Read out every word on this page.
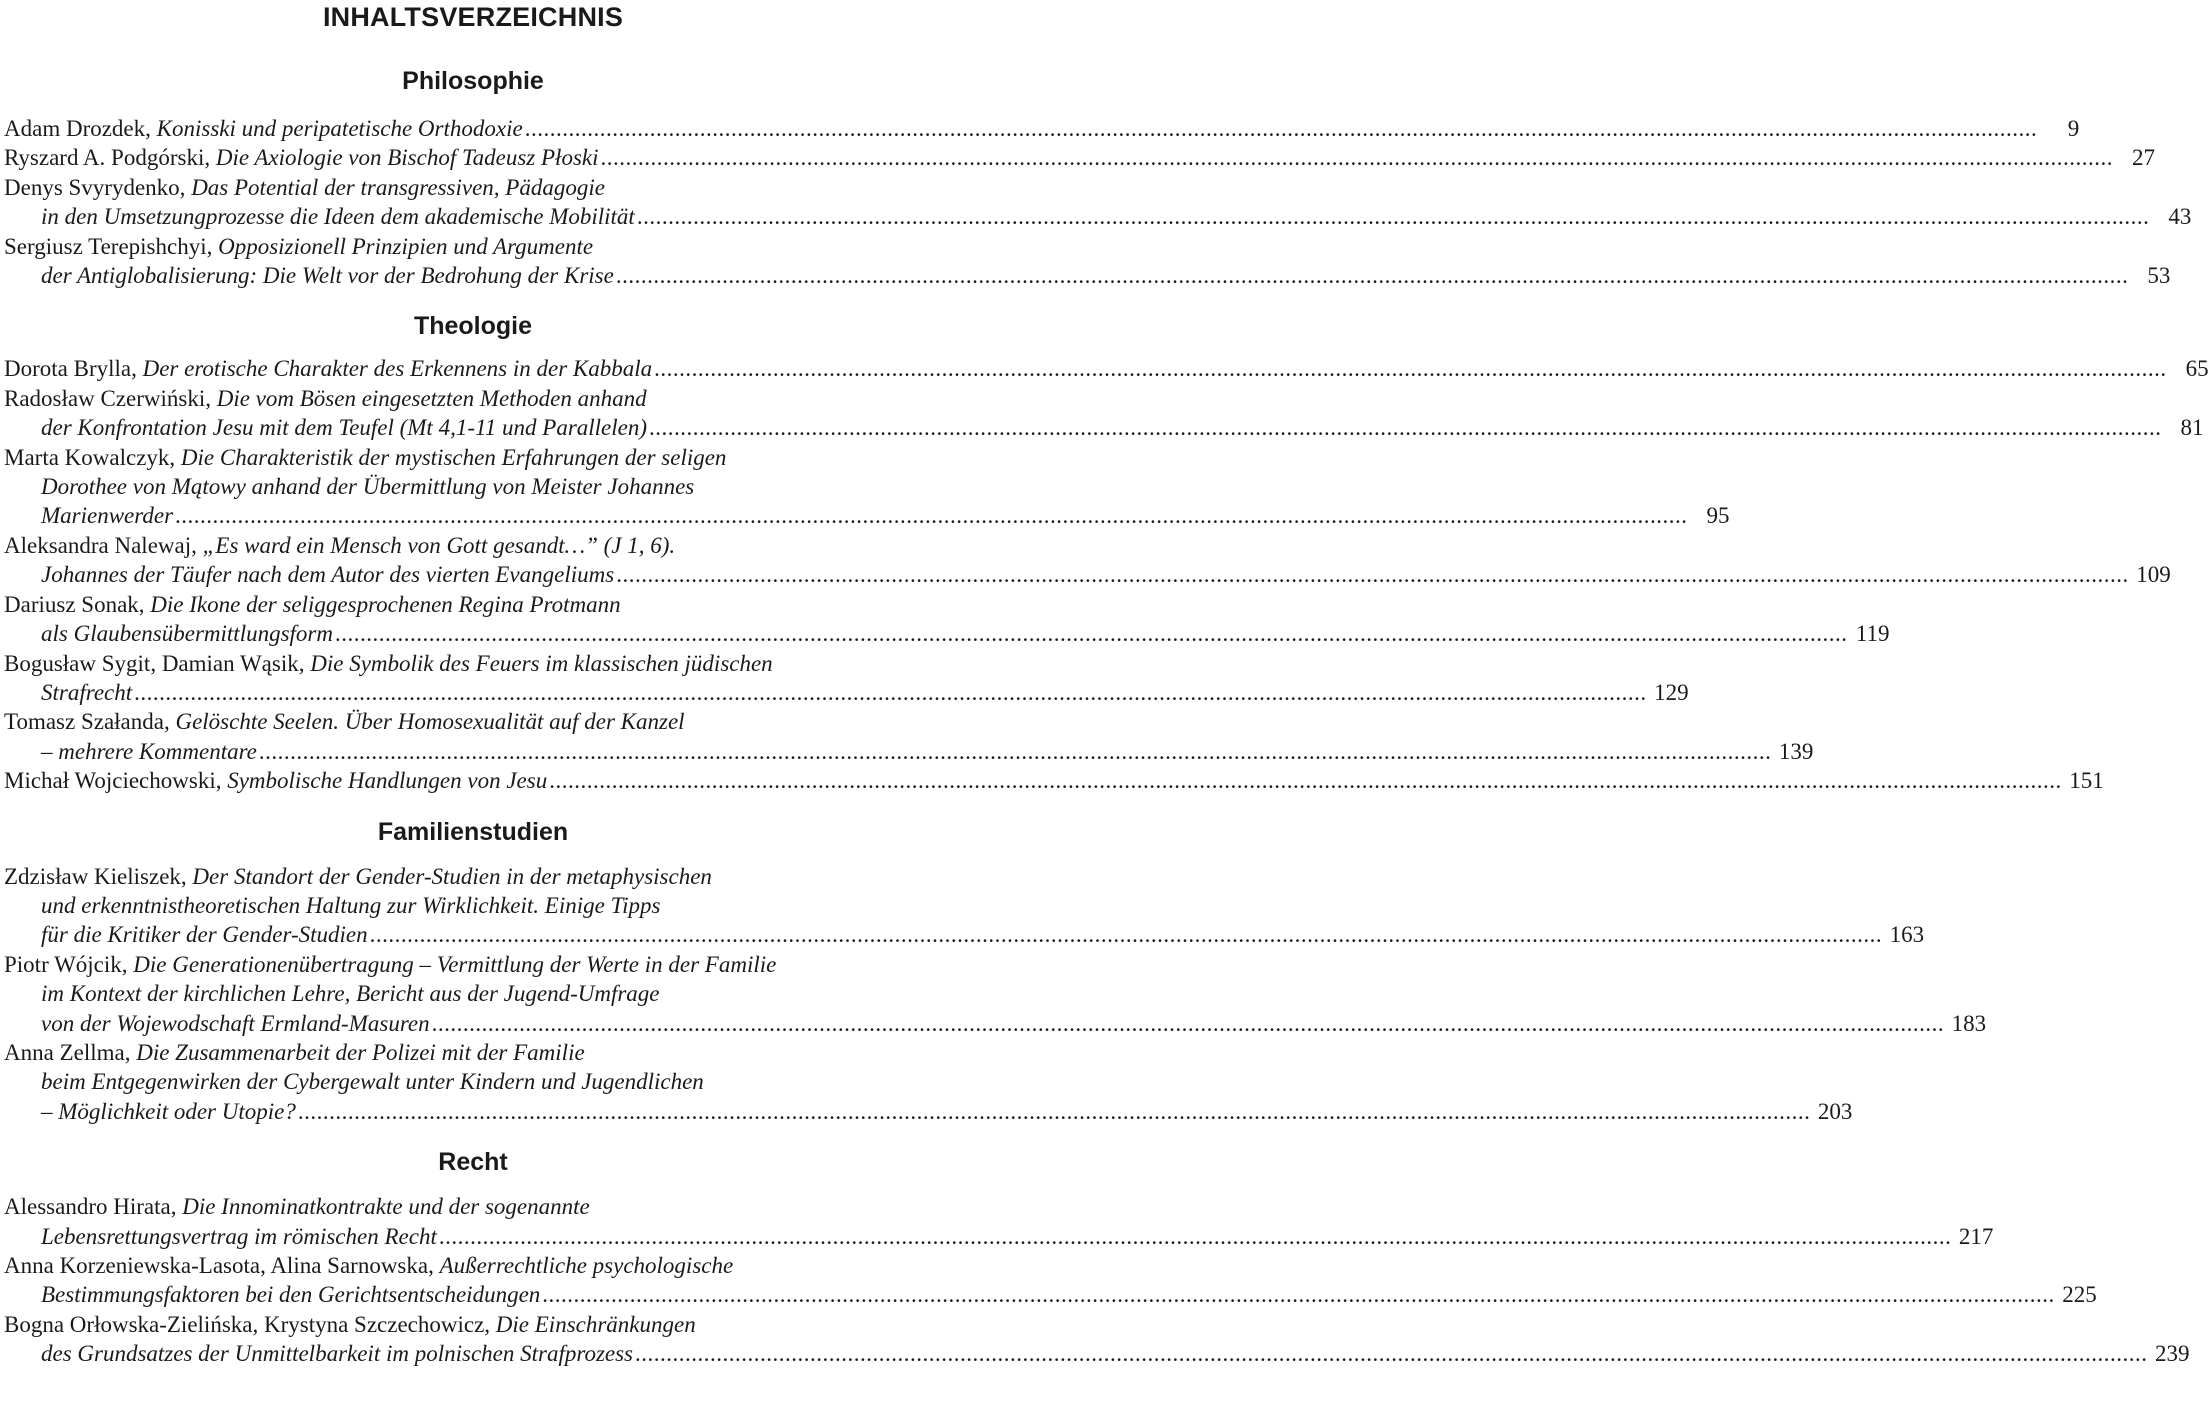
INHALTSVERZEICHNIS
Philosophie
Adam Drozdek, Konisski und peripatetische Orthodoxie .....	9
Ryszard A. Podgórski, Die Axiologie von Bischof Tadeusz Płoski .....	27
Denys Svyrydenko, Das Potential der transgressiven, Pädagogie
in den Umsetzungprozesse die Ideen dem akademische Mobilität .....	43
Sergiusz Terepishchyi, Opposizionell Prinzipien und Argumente
der Antiglobalisierung: Die Welt vor der Bedrohung der Krise .....	53
Theologie
Dorota Brylla, Der erotische Charakter des Erkennens in der Kabbala .....	65
Radosław Czerwiński, Die vom Bösen eingesetzten Methoden anhand
der Konfrontation Jesu mit dem Teufel (Mt 4,1-11 und Parallelen) .....	81
Marta Kowalczyk, Die Charakteristik der mystischen Erfahrungen der seligen
Dorothee von Mątowy anhand der Übermittlung von Meister Johannes
Marienwerder .....	95
Aleksandra Nalewaj, „Es ward ein Mensch von Gott gesandt…” (J 1, 6).
Johannes der Täufer nach dem Autor des vierten Evangeliums .....	109
Dariusz Sonak, Die Ikone der seliggesprochenen Regina Protmann
als Glaubensübermittlungsform .....	119
Bogusław Sygit, Damian Wąsik, Die Symbolik des Feuers im klassischen jüdischen
Strafrecht .....	129
Tomasz Szałanda, Gelöschte Seelen. Über Homosexualität auf der Kanzel
– mehrere Kommentare .....	139
Michał Wojciechowski, Symbolische Handlungen von Jesu .....	151
Familienstudien
Zdzisław Kieliszek, Der Standort der Gender-Studien in der metaphysischen
und erkenntnistheoretischen Haltung zur Wirklichkeit. Einige Tipps
für die Kritiker der Gender-Studien .....	163
Piotr Wójcik, Die Generationenübertragung – Vermittlung der Werte in der Familie
im Kontext der kirchlichen Lehre, Bericht aus der Jugend-Umfrage
von der Wojewodschaft Ermland-Masuren .....	183
Anna Zellma, Die Zusammenarbeit der Polizei mit der Familie
beim Entgegenwirken der Cybergewalt unter Kindern und Jugendlichen
– Möglichkeit oder Utopie? .....	203
Recht
Alessandro Hirata, Die Innominatkontrakte und der sogenannte
Lebensrettungsvertrag im römischen Recht .....	217
Anna Korzeniewska-Lasota, Alina Sarnowska, Außerrechtliche psychologische
Bestimmungsfaktoren bei den Gerichtsentscheidungen .....	225
Bogna Orłowska-Zielińska, Krystyna Szczechowicz, Die Einschränkungen
des Grundsatzes der Unmittelbarkeit im polnischen Strafprozess .....	239
